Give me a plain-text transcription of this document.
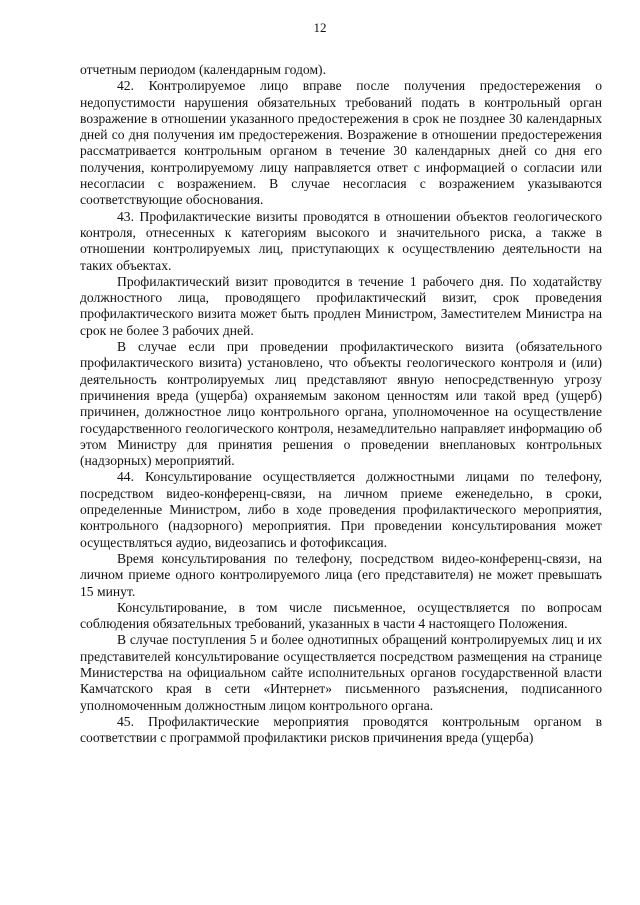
12

отчетным периодом (календарным годом).

42. Контролируемое лицо вправе после получения предостережения о недопустимости нарушения обязательных требований подать в контрольный орган возражение в отношении указанного предостережения в срок не позднее 30 календарных дней со дня получения им предостережения. Возражение в отношении предостережения рассматривается контрольным органом в течение 30 календарных дней со дня его получения, контролируемому лицу направляется ответ с информацией о согласии или несогласии с возражением. В случае несогласия с возражением указываются соответствующие обоснования.

43. Профилактические визиты проводятся в отношении объектов геологического контроля, отнесенных к категориям высокого и значительного риска, а также в отношении контролируемых лиц, приступающих к осуществлению деятельности на таких объектах.

Профилактический визит проводится в течение 1 рабочего дня. По ходатайству должностного лица, проводящего профилактический визит, срок проведения профилактического визита может быть продлен Министром, Заместителем Министра на срок не более 3 рабочих дней.

В случае если при проведении профилактического визита (обязательного профилактического визита) установлено, что объекты геологического контроля и (или) деятельность контролируемых лиц представляют явную непосредственную угрозу причинения вреда (ущерба) охраняемым законом ценностям или такой вред (ущерб) причинен, должностное лицо контрольного органа, уполномоченное на осуществление государственного геологического контроля, незамедлительно направляет информацию об этом Министру для принятия решения о проведении внеплановых контрольных (надзорных) мероприятий.

44. Консультирование осуществляется должностными лицами по телефону, посредством видео-конференц-связи, на личном приеме еженедельно, в сроки, определенные Министром, либо в ходе проведения профилактического мероприятия, контрольного (надзорного) мероприятия. При проведении консультирования может осуществляться аудио, видеозапись и фотофиксация.

Время консультирования по телефону, посредством видео-конференц-связи, на личном приеме одного контролируемого лица (его представителя) не может превышать 15 минут.

Консультирование, в том числе письменное, осуществляется по вопросам соблюдения обязательных требований, указанных в части 4 настоящего Положения.

В случае поступления 5 и более однотипных обращений контролируемых лиц и их представителей консультирование осуществляется посредством размещения на странице Министерства на официальном сайте исполнительных органов государственной власти Камчатского края в сети «Интернет» письменного разъяснения, подписанного уполномоченным должностным лицом контрольного органа.

45. Профилактические мероприятия проводятся контрольным органом в соответствии с программой профилактики рисков причинения вреда (ущерба)
